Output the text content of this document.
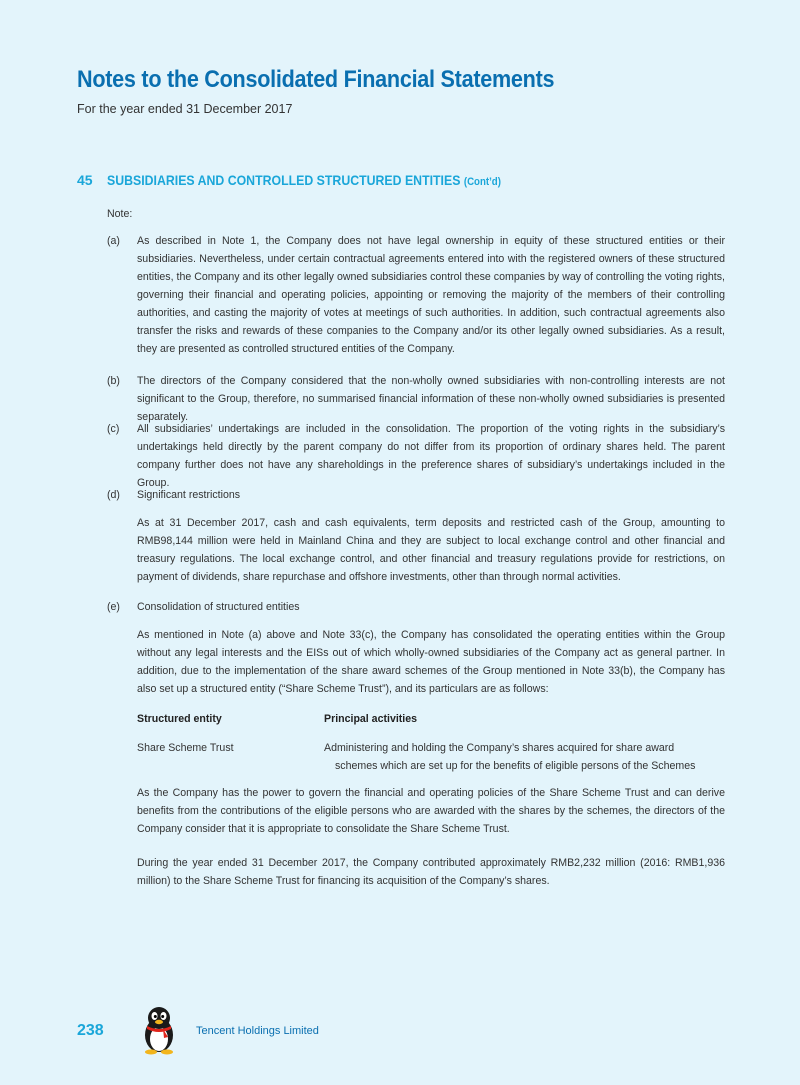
Notes to the Consolidated Financial Statements
For the year ended 31 December 2017
45 SUBSIDIARIES AND CONTROLLED STRUCTURED ENTITIES (Cont’d)
Note:
(a) As described in Note 1, the Company does not have legal ownership in equity of these structured entities or their subsidiaries. Nevertheless, under certain contractual agreements entered into with the registered owners of these structured entities, the Company and its other legally owned subsidiaries control these companies by way of controlling the voting rights, governing their financial and operating policies, appointing or removing the majority of the members of their controlling authorities, and casting the majority of votes at meetings of such authorities. In addition, such contractual agreements also transfer the risks and rewards of these companies to the Company and/or its other legally owned subsidiaries. As a result, they are presented as controlled structured entities of the Company.
(b) The directors of the Company considered that the non-wholly owned subsidiaries with non-controlling interests are not significant to the Group, therefore, no summarised financial information of these non-wholly owned subsidiaries is presented separately.
(c) All subsidiaries’ undertakings are included in the consolidation. The proportion of the voting rights in the subsidiary’s undertakings held directly by the parent company do not differ from its proportion of ordinary shares held. The parent company further does not have any shareholdings in the preference shares of subsidiary’s undertakings included in the Group.
(d) Significant restrictions
As at 31 December 2017, cash and cash equivalents, term deposits and restricted cash of the Group, amounting to RMB98,144 million were held in Mainland China and they are subject to local exchange control and other financial and treasury regulations. The local exchange control, and other financial and treasury regulations provide for restrictions, on payment of dividends, share repurchase and offshore investments, other than through normal activities.
(e) Consolidation of structured entities
As mentioned in Note (a) above and Note 33(c), the Company has consolidated the operating entities within the Group without any legal interests and the EISs out of which wholly-owned subsidiaries of the Company act as general partner. In addition, due to the implementation of the share award schemes of the Group mentioned in Note 33(b), the Company has also set up a structured entity (“Share Scheme Trust”), and its particulars are as follows:
Structured entity	Principal activities
Share Scheme Trust	Administering and holding the Company’s shares acquired for share award
schemes which are set up for the benefits of eligible persons of the Schemes
As the Company has the power to govern the financial and operating policies of the Share Scheme Trust and can derive benefits from the contributions of the eligible persons who are awarded with the shares by the schemes, the directors of the Company consider that it is appropriate to consolidate the Share Scheme Trust.
During the year ended 31 December 2017, the Company contributed approximately RMB2,232 million (2016: RMB1,936 million) to the Share Scheme Trust for financing its acquisition of the Company’s shares.
238	Tencent Holdings Limited
